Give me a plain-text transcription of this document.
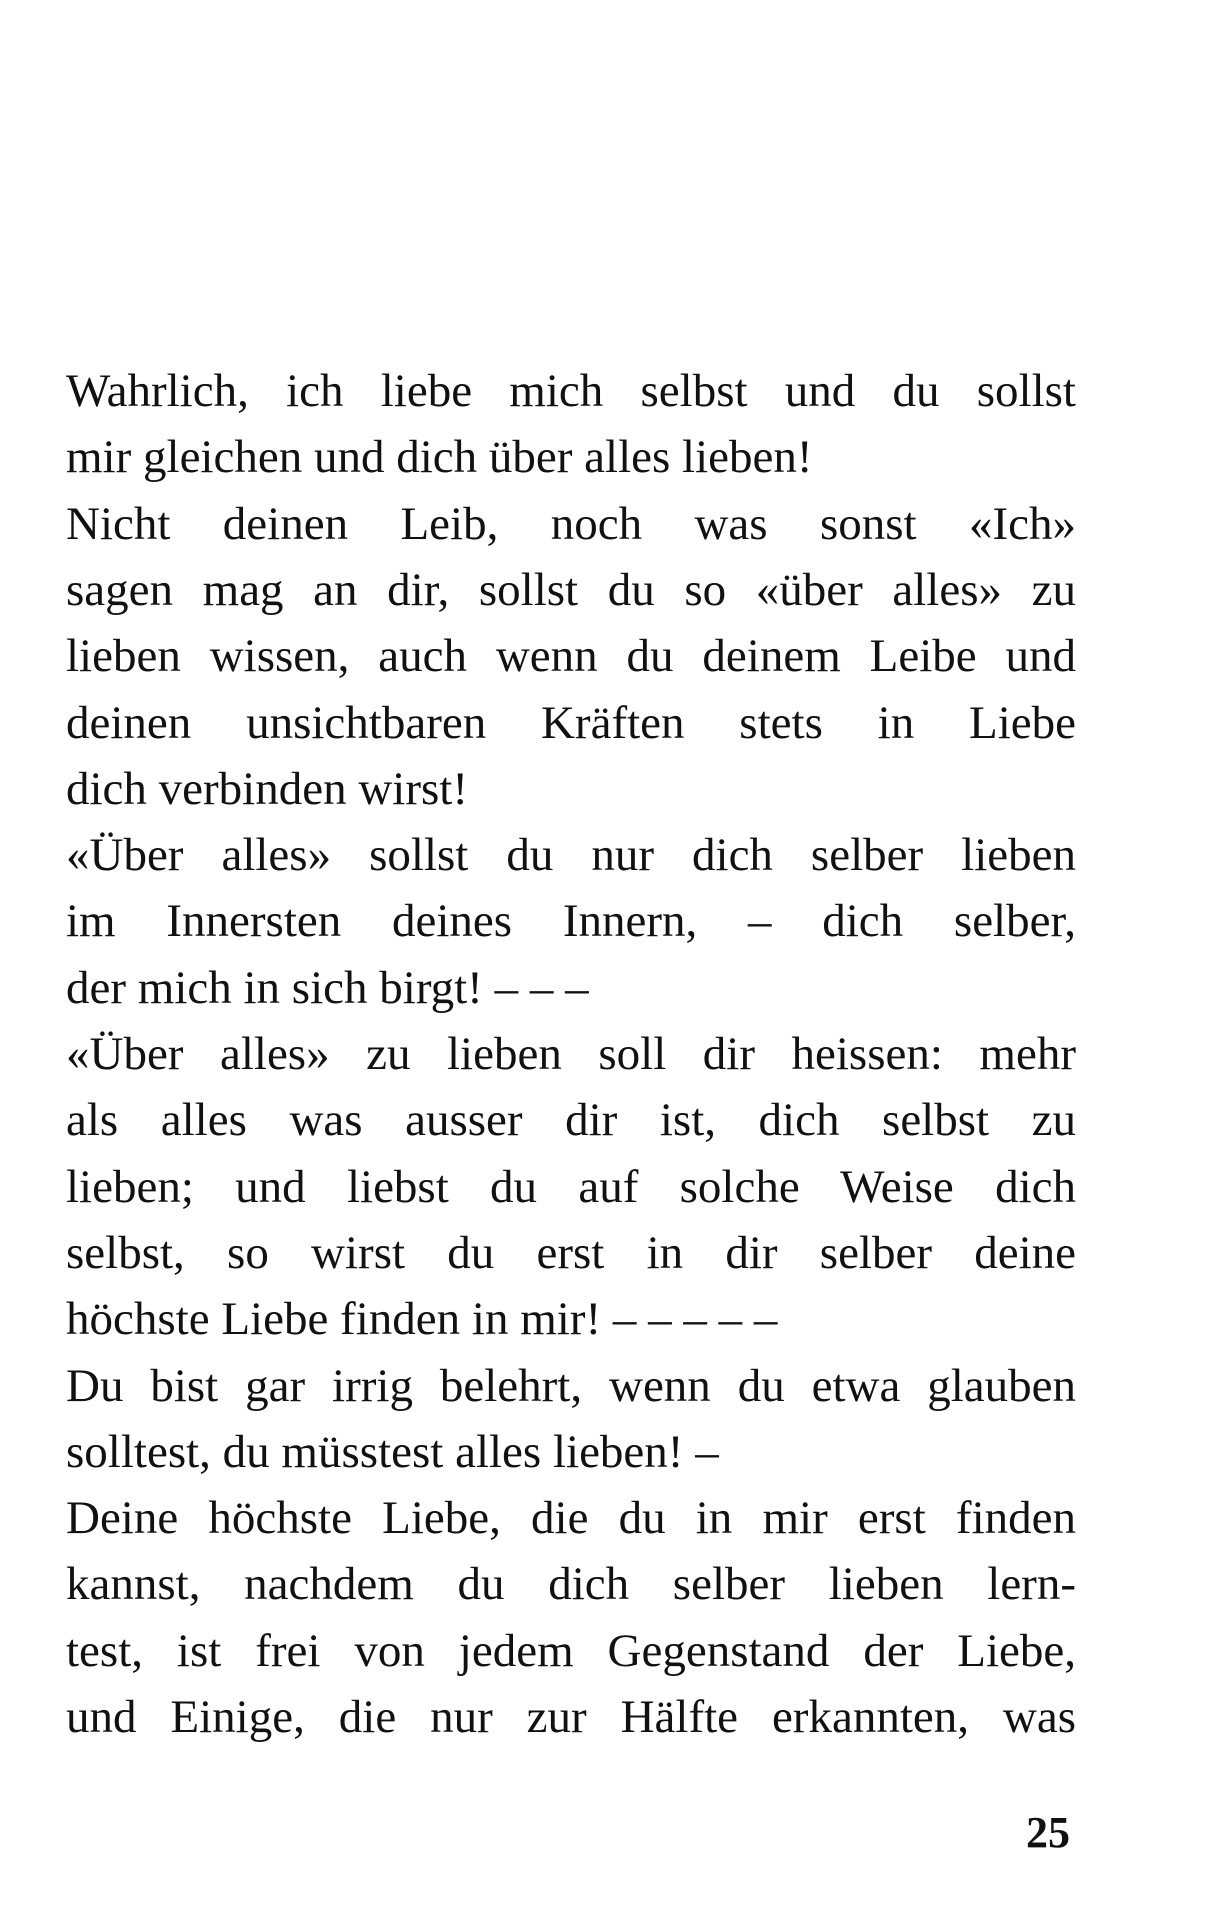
Wahrlich, ich liebe mich selbst und du sollst
mir gleichen und dich über alles lieben!
Nicht deinen Leib, noch was sonst «Ich»
sagen mag an dir, sollst du so «über alles» zu
lieben wissen, auch wenn du deinem Leibe und
deinen unsichtbaren Kräften stets in Liebe
dich verbinden wirst!
«Über alles» sollst du nur dich selber lieben
im Innersten deines Innern, – dich selber,
der mich in sich birgt! – – –
«Über alles» zu lieben soll dir heissen: mehr
als alles was ausser dir ist, dich selbst zu
lieben; und liebst du auf solche Weise dich
selbst, so wirst du erst in dir selber deine
höchste Liebe finden in mir! – – – – –
Du bist gar irrig belehrt, wenn du etwa glauben
solltest, du müsstest alles lieben! –
Deine höchste Liebe, die du in mir erst finden
kannst, nachdem du dich selber lieben lern-
test, ist frei von jedem Gegenstand der Liebe,
und Einige, die nur zur Hälfte erkannten, was
25
